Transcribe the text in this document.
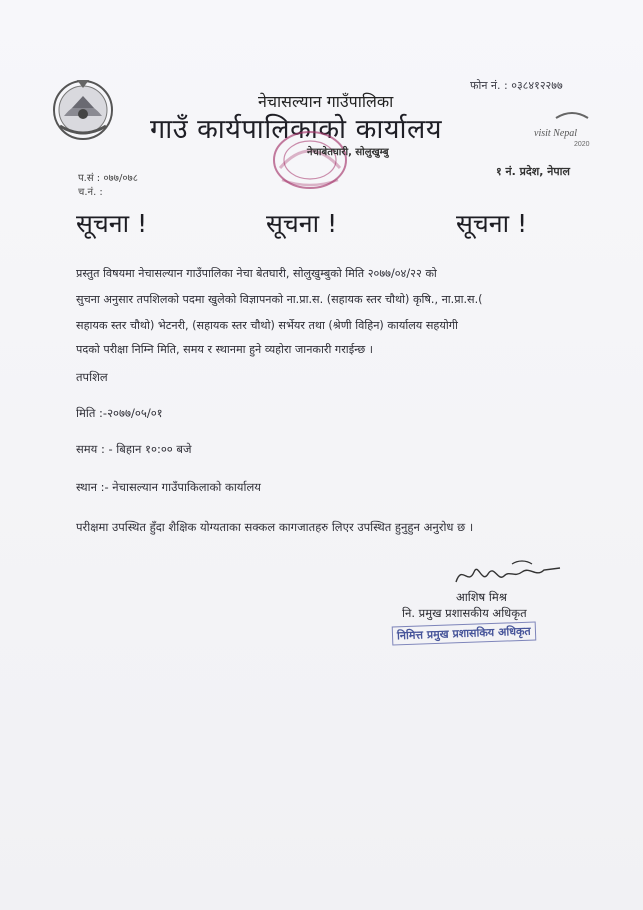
फोन नं. : ०३८४१२२७७
नेचासल्यान गाउँपालिका
गाउँ कार्यपालिकाको कार्यालय
नेचाबेतघारी, सोलुखुम्बु
visit Nepal
2020
१ नं. प्रदेश, नेपाल
प.सं : ०७७/०७८
च.नं. :
सूचना !	सूचना !	सूचना !
प्रस्तुत विषयमा नेचासल्यान गाउँपालिका नेचा बेतघारी, सोलुखुम्बुको मिति २०७७/०४/२२ को
सुचना अनुसार तपशिलको पदमा खुलेको विज्ञापनको ना.प्रा.स. (सहायक स्तर चौथो) कृषि., ना.प्रा.स.(
सहायक स्तर चौथो) भेटनरी, (सहायक स्तर चौथो) सर्भेयर तथा (श्रेणी विहिन) कार्यालय सहयोगी
पदको परीक्षा निम्नि मिति, समय र स्थानमा हुने व्यहोरा जानकारी गराईन्छ ।
तपशिल
मिति :-२०७७/०५/०१
समय : - बिहान १०:०० बजे
स्थान :- नेचासल्यान गाउँपाकिलाको कार्यालय
परीक्षमा उपस्थित हुँदा शैक्षिक योग्यताका सक्कल कागजातहरु लिएर उपस्थित हुनुहुन अनुरोध छ ।
आशिष मिश्र
नि. प्रमुख प्रशासकीय अधिकृत
निमित्त प्रमुख प्रशासकिय अधिकृत
